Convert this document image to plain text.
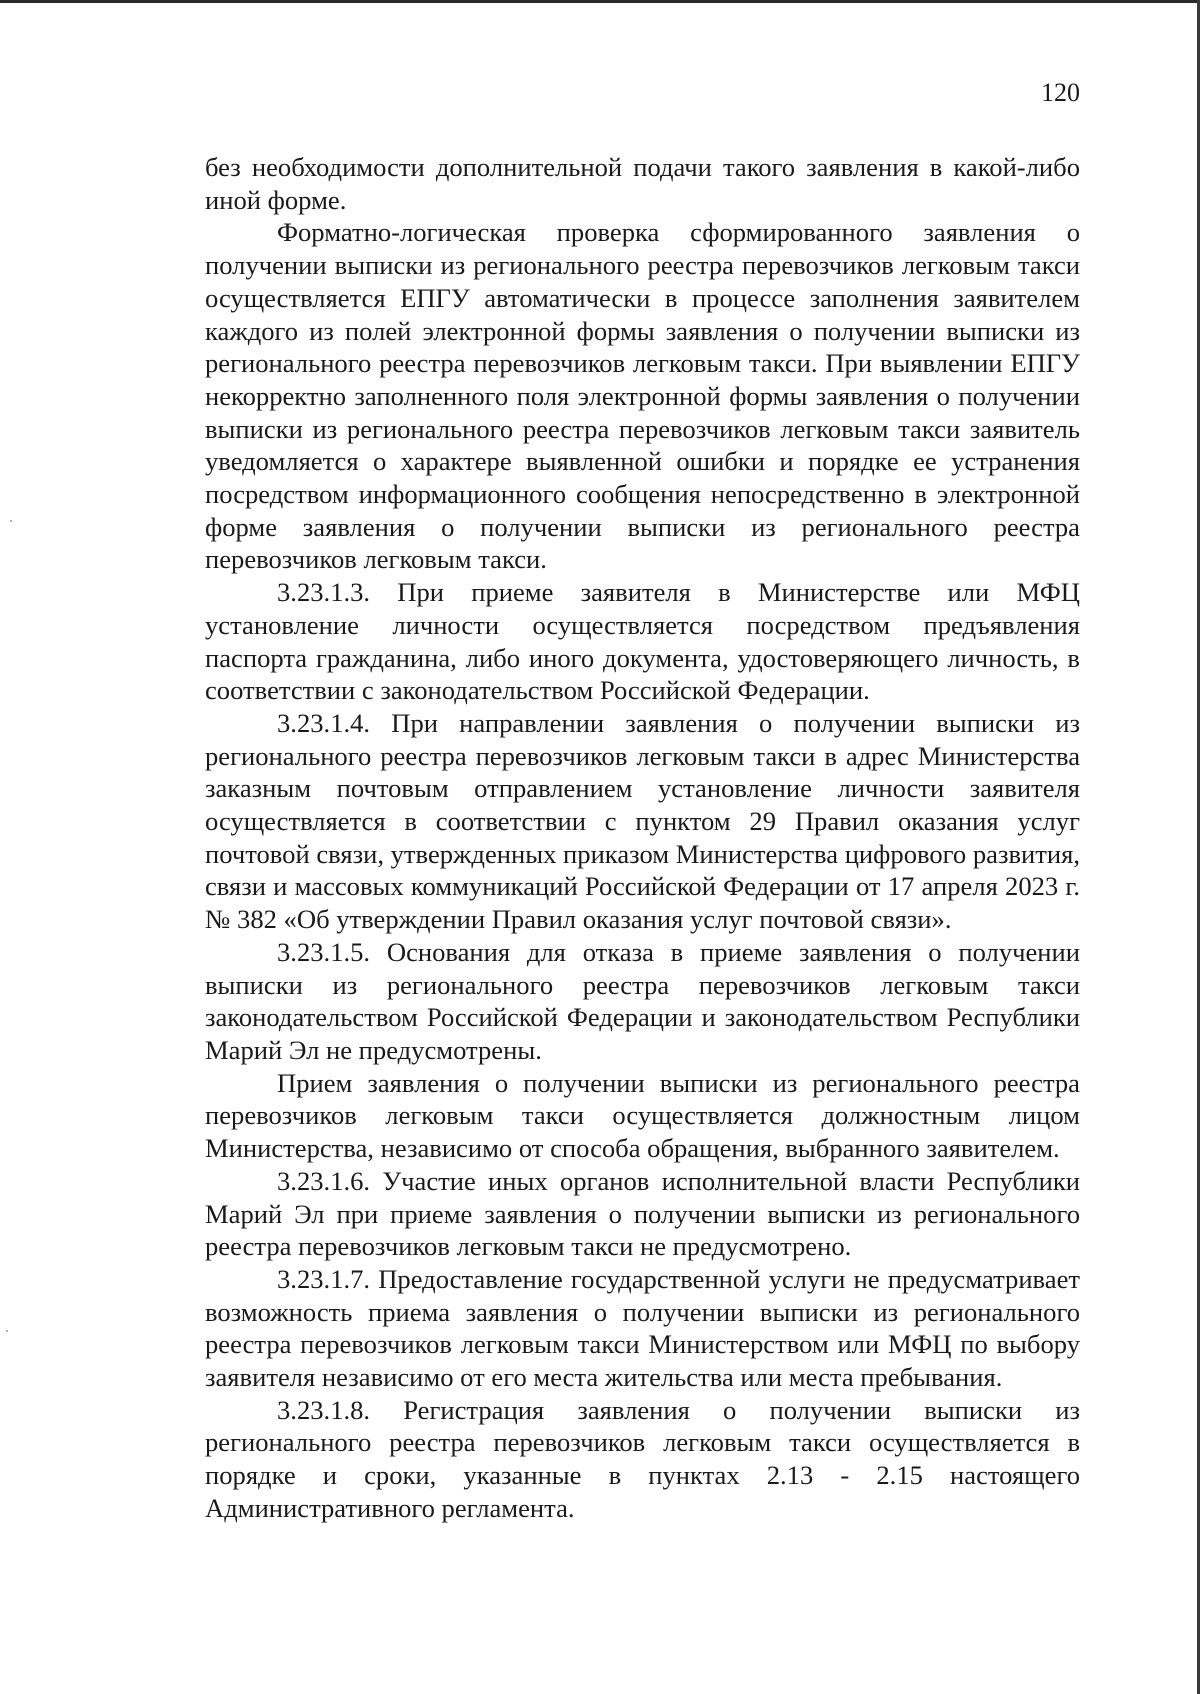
120

без необходимости дополнительной подачи такого заявления в какой-либо иной форме.

Форматно-логическая проверка сформированного заявления о получении выписки из регионального реестра перевозчиков легковым такси осуществляется ЕПГУ автоматически в процессе заполнения заявителем каждого из полей электронной формы заявления о получении выписки из регионального реестра перевозчиков легковым такси. При выявлении ЕПГУ некорректно заполненного поля электронной формы заявления о получении выписки из регионального реестра перевозчиков легковым такси заявитель уведомляется о характере выявленной ошибки и порядке ее устранения посредством информационного сообщения непосредственно в электронной форме заявления о получении выписки из регионального реестра перевозчиков легковым такси.

3.23.1.3. При приеме заявителя в Министерстве или МФЦ установление личности осуществляется посредством предъявления паспорта гражданина, либо иного документа, удостоверяющего личность, в соответствии с законодательством Российской Федерации.

3.23.1.4. При направлении заявления о получении выписки из регионального реестра перевозчиков легковым такси в адрес Министерства заказным почтовым отправлением установление личности заявителя осуществляется в соответствии с пунктом 29 Правил оказания услуг почтовой связи, утвержденных приказом Министерства цифрового развития, связи и массовых коммуникаций Российской Федерации от 17 апреля 2023 г. № 382 «Об утверждении Правил оказания услуг почтовой связи».

3.23.1.5. Основания для отказа в приеме заявления о получении выписки из регионального реестра перевозчиков легковым такси законодательством Российской Федерации и законодательством Республики Марий Эл не предусмотрены.

Прием заявления о получении выписки из регионального реестра перевозчиков легковым такси осуществляется должностным лицом Министерства, независимо от способа обращения, выбранного заявителем.

3.23.1.6. Участие иных органов исполнительной власти Республики Марий Эл при приеме заявления о получении выписки из регионального реестра перевозчиков легковым такси не предусмотрено.

3.23.1.7. Предоставление государственной услуги не предусматривает возможность приема заявления о получении выписки из регионального реестра перевозчиков легковым такси Министерством или МФЦ по выбору заявителя независимо от его места жительства или места пребывания.

3.23.1.8. Регистрация заявления о получении выписки из регионального реестра перевозчиков легковым такси осуществляется в порядке и сроки, указанные в пунктах 2.13 - 2.15 настоящего Административного регламента.
